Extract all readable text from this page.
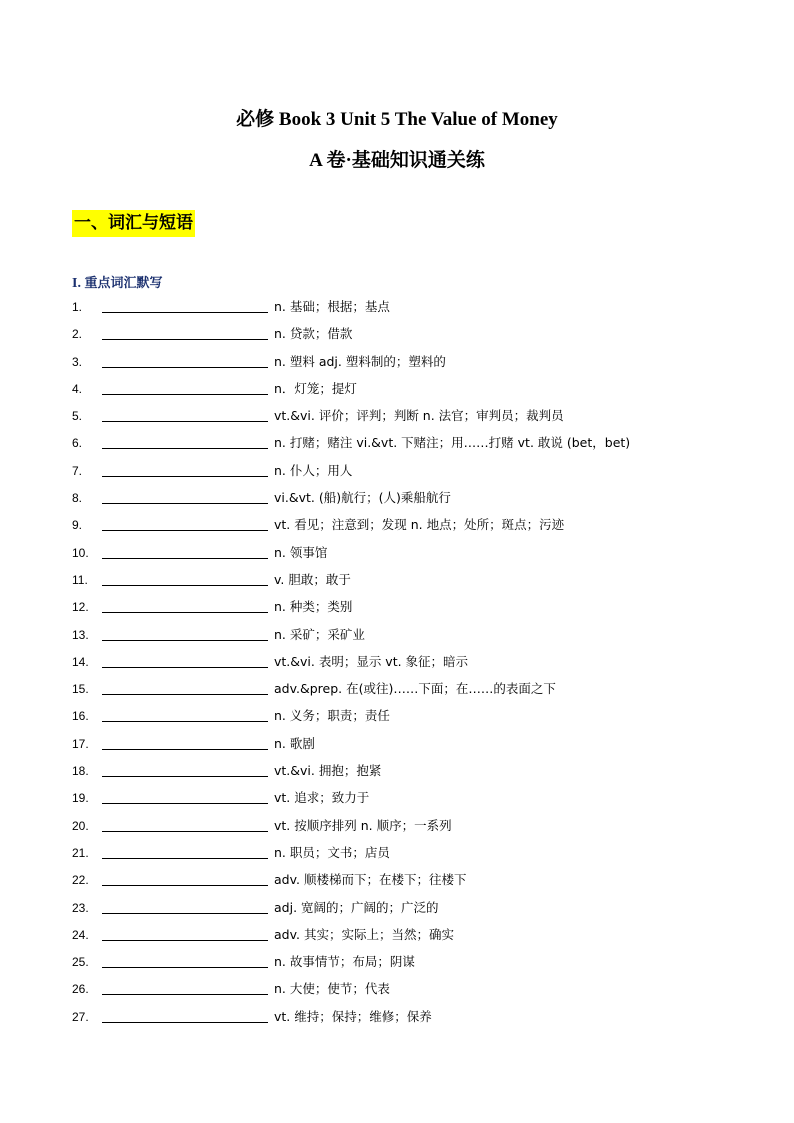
必修 Book 3 Unit 5 The Value of Money
A 卷·基础知识通关练
一、词汇与短语
I. 重点词汇默写
1.	n. 基础；根据；基点
2.	n. 贷款；借款
3.	n. 塑料 adj. 塑料制的；塑料的
4.	n．灯笼；提灯
5.	vt.&vi. 评价；评判；判断 n. 法官；审判员；裁判员
6.	n. 打赌；赌注 vi.&vt. 下赌注；用……打赌 vt. 敢说 (bet，bet)
7.	n. 仆人；用人
8.	vi.&vt. (船)航行；(人)乘船航行
9.	vt. 看见；注意到；发现 n. 地点；处所；斑点；污迹
10.	n. 领事馆
11.	v. 胆敢；敢于
12.	n. 种类；类别
13.	n. 采矿；采矿业
14.	vt.&vi. 表明；显示 vt. 象征；暗示
15.	adv.&prep. 在(或往)……下面；在……的表面之下
16.	n. 义务；职责；责任
17.	n. 歌剧
18.	vt.&vi. 拥抱；抱紧
19.	vt. 追求；致力于
20.	vt. 按顺序排列 n. 顺序；一系列
21.	n. 职员；文书；店员
22.	adv. 顺楼梯而下；在楼下；往楼下
23.	adj. 宽阔的；广阔的；广泛的
24.	adv. 其实；实际上；当然；确实
25.	n. 故事情节；布局；阴谋
26.	n. 大使；使节；代表
27.	vt. 维持；保持；维修；保养
